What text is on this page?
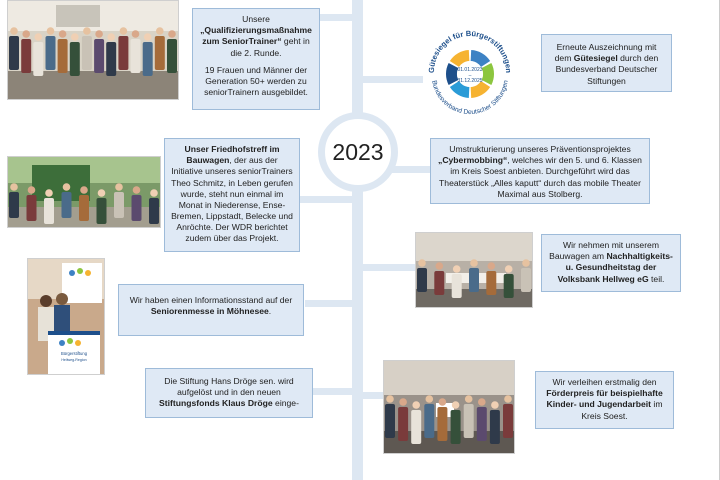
2023
Gütesiegel für Bürgerstiftungen
Bundesverband Deutscher Stiftungen
01.01.2023
–
31.12.2025

Unsere „Qualifizierungsmaßnahme zum SeniorTrainer“ geht in die 2. Runde.

19 Frauen und Männer der Generation 50+ werden zu seniorTrainern ausgebildet.

Erneute Auszeichnung mit dem Gütesiegel durch den Bundesverband Deutscher Stiftungen
Unser Friedhofstreff im Bauwagen, der aus der Initiative unseres seniorTrainers Theo Schmitz, in Leben gerufen wurde, steht nun einmal im Monat in Niederense, Ense-Bremen, Lippstadt, Belecke und Anröchte. Der WDR berichtet zudem über das Projekt.
Umstrukturierung unseres Präventionsprojektes „Cybermobbing“, welches wir den 5. und 6. Klassen im Kreis Soest anbieten. Durchgeführt wird das Theaterstück „Alles kaputt“ durch das mobile Theater Maximal aus Stolberg.
Wir nehmen mit unserem Bauwagen am Nachhaltigkeits- u. Gesundheitstag der Volksbank Hellweg eG teil.
Wir haben einen Informationsstand auf der Seniorenmesse in Möhnesee.
Die Stiftung Hans Dröge sen. wird aufgelöst und in den neuen Stiftungsfonds Klaus Dröge einge-
Wir verleihen erstmalig den Förderpreis für beispielhafte Kinder- und Jugendarbeit im Kreis Soest.
Bürgerstiftung
Hellweg-Region
